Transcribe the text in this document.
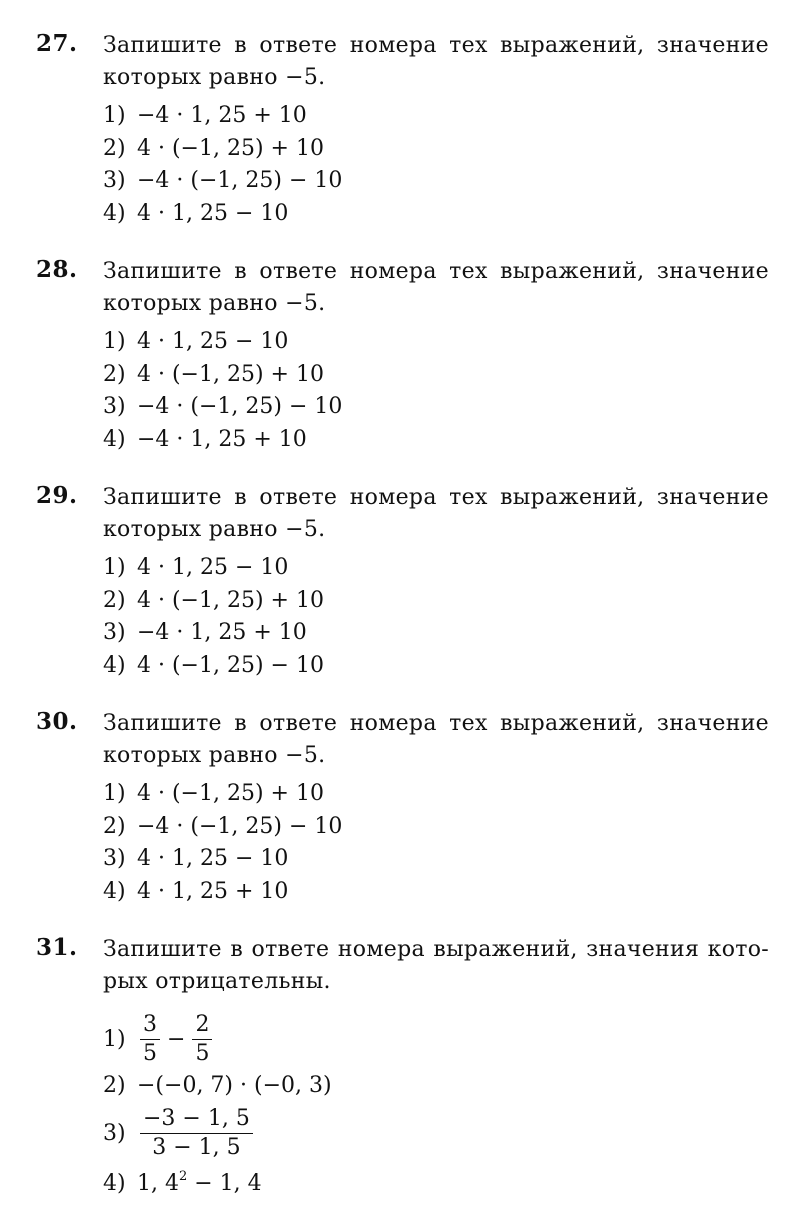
27. Запишите в ответе номера тех выражений, значение
которых равно −5.
1) −4 · 1, 25 + 10
2) 4 · (−1, 25) + 10
3) −4 · (−1, 25) − 10
4) 4 · 1, 25 − 10
28. Запишите в ответе номера тех выражений, значение
которых равно −5.
1) 4 · 1, 25 − 10
2) 4 · (−1, 25) + 10
3) −4 · (−1, 25) − 10
4) −4 · 1, 25 + 10
29. Запишите в ответе номера тех выражений, значение
которых равно −5.
1) 4 · 1, 25 − 10
2) 4 · (−1, 25) + 10
3) −4 · 1, 25 + 10
4) 4 · (−1, 25) − 10
30. Запишите в ответе номера тех выражений, значение
которых равно −5.
1) 4 · (−1, 25) + 10
2) −4 · (−1, 25) − 10
3) 4 · 1, 25 − 10
4) 4 · 1, 25 + 10
31. Запишите в ответе номера выражений, значения кото-
рых отрицательны.
$1) \frac{3}{5} - \frac{2}{5}$
2) −(−0, 7) · (−0, 3)
$3) \frac{-3 - 1, 5}{3 - 1, 5}$
4) 1, $4^2 - 1$, 4
